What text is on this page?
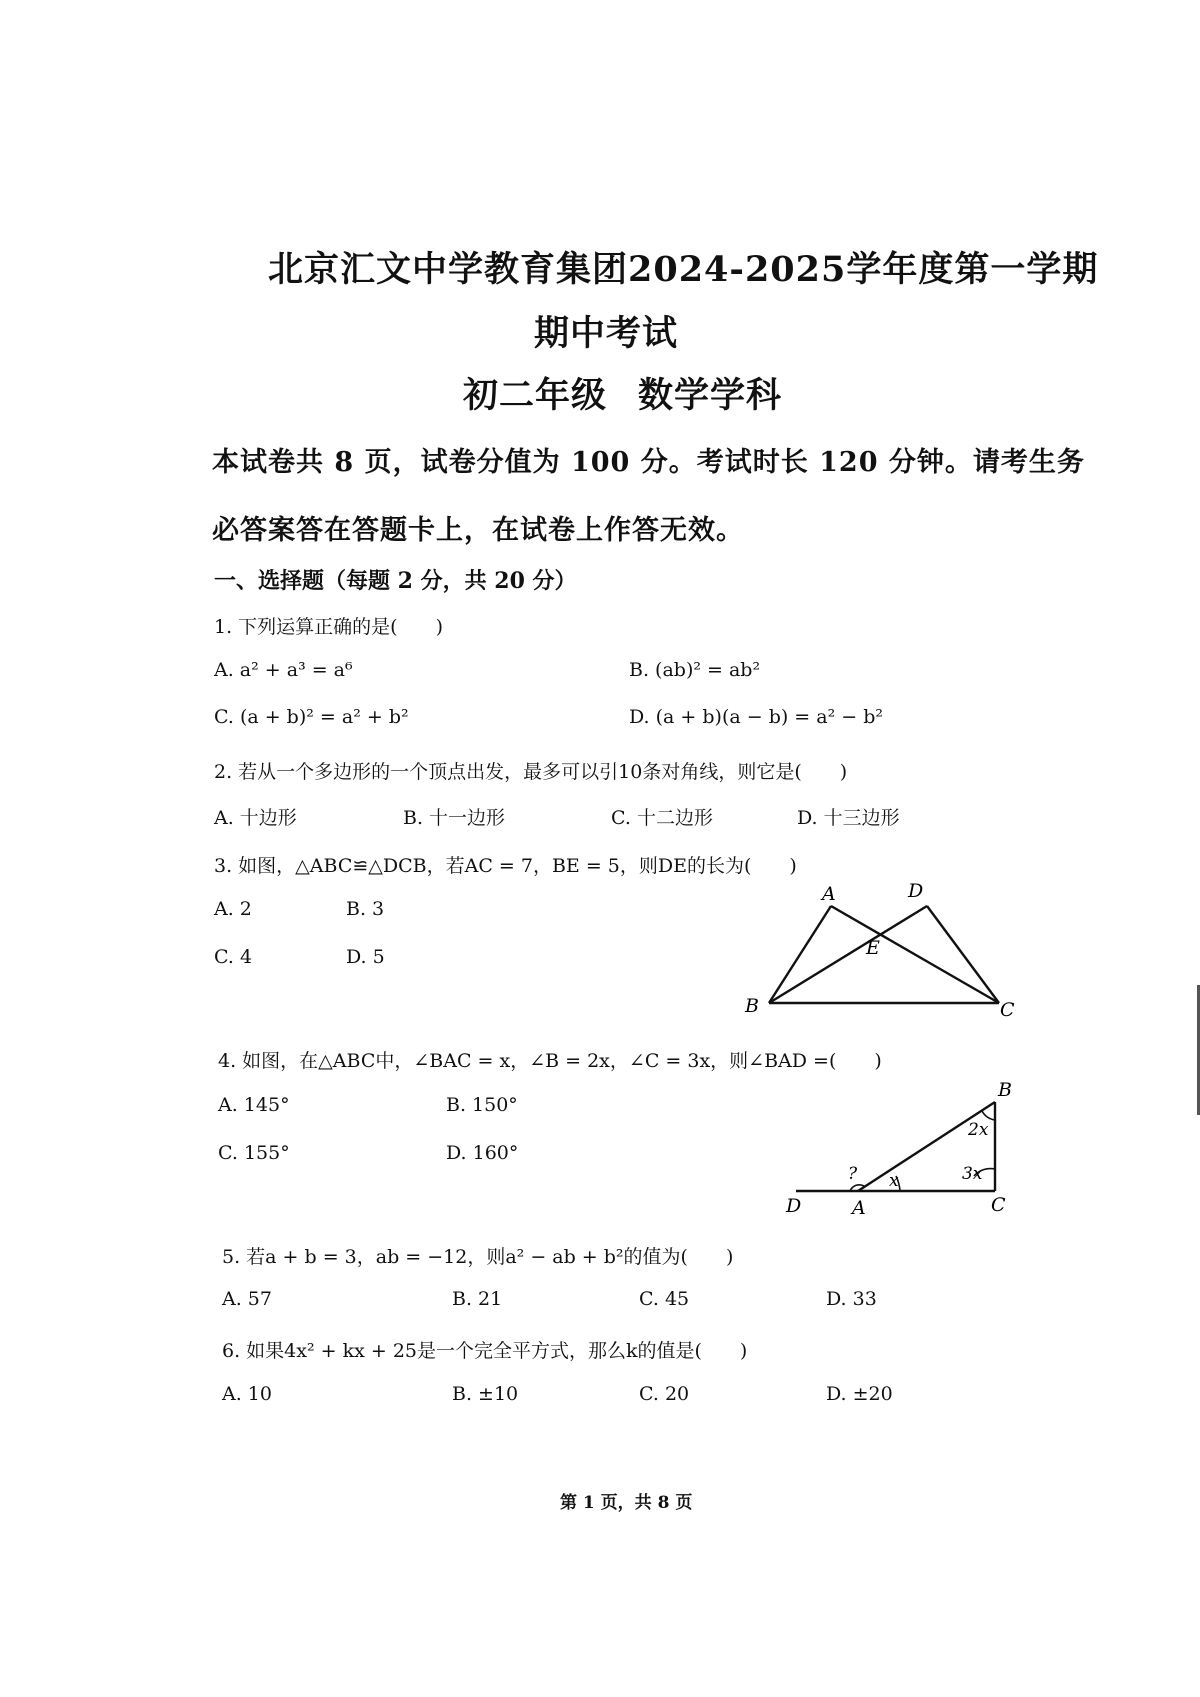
北京汇文中学教育集团2024-2025学年度第一学期
期中考试
初二年级 数学学科
本试卷共 8 页，试卷分值为 100 分。考试时长 120 分钟。请考生务
必答案答在答题卡上，在试卷上作答无效。
一、选择题（每题 2 分，共 20 分）
1. 下列运算正确的是(　　)
A. a² + a³ = a⁶	B. (ab)² = ab²
C. (a + b)² = a² + b²	D. (a + b)(a − b) = a² − b²
2. 若从一个多边形的一个顶点出发，最多可以引10条对角线，则它是(　　)
A. 十边形	B. 十一边形	C. 十二边形	D. 十三边形
3. 如图，△ABC≌△DCB，若AC = 7，BE = 5，则DE的长为(　　)
A. 2	B. 3
C. 4	D. 5
A	D
E
B	C
4. 如图，在△ABC中，∠BAC = x，∠B = 2x，∠C = 3x，则∠BAD =(　　)
A. 145°	B. 150°
C. 155°	D. 160°
B
2x
3x
x
?
D	A	C
5. 若a + b = 3，ab = −12，则a² − ab + b²的值为(　　)
A. 57	B. 21	C. 45	D. 33
6. 如果4x² + kx + 25是一个完全平方式，那么k的值是(　　)
A. 10	B. ±10	C. 20	D. ±20
第 1 页，共 8 页
